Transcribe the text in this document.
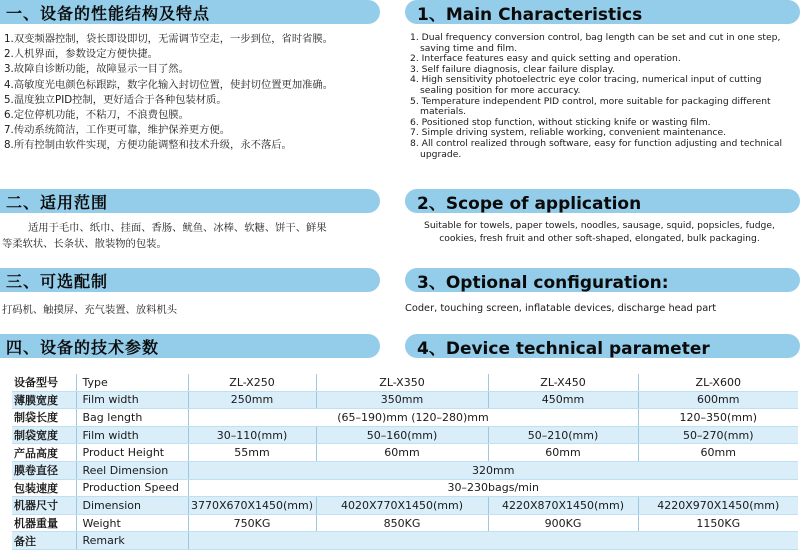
一、设备的性能结构及特点
1.双变频器控制，袋长即设即切，无需调节空走，一步到位，省时省膜。
2.人机界面，参数设定方便快捷。
3.故障自诊断功能，故障显示一目了然。
4.高敏度光电颜色标跟踪，数字化输入封切位置，使封切位置更加准确。
5.温度独立PID控制，更好适合于各种包装材质。
6.定位停机功能，不粘刀，不浪费包膜。
7.传动系统简洁，工作更可靠，维护保养更方便。
8.所有控制由软件实现，方便功能调整和技术升级，永不落后。
二、适用范围
适用于毛巾、纸巾、挂面、香肠、鱿鱼、冰棒、软糖、饼干、鲜果等柔软状、长条状、散装物的包装。
三、可选配制
打码机、触摸屏、充气装置、放料机头
四、设备的技术参数
1、Main Characteristics
1. Dual frequency conversion control, bag length can be set and cut in one step, saving time and film.
2. Interface features easy and quick setting and operation.
3. Self failure diagnosis, clear failure display.
4. High sensitivity photoelectric eye color tracing, numerical input of cutting sealing position for more accuracy.
5. Temperature independent PID control, more suitable for packaging different materials.
6. Positioned stop function, without sticking knife or wasting film.
7. Simple driving system, reliable working, convenient maintenance.
8. All control realized through software, easy for function adjusting and technical upgrade.
2、Scope of application
Suitable for towels, paper towels, noodles, sausage, squid, popsicles, fudge, cookies, fresh fruit and other soft-shaped, elongated, bulk packaging.
3、Optional configuration:
Coder, touching screen, inflatable devices, discharge head part
4、Device technical parameter
设备型号	Type	ZL-X250	ZL-X350	ZL-X450	ZL-X600
薄膜宽度	Film width	250mm	350mm	450mm	600mm
制袋长度	Bag length	(65–190)mm (120–280)mm			120–350(mm)
制袋宽度	Film width	30–110(mm)	50–160(mm)	50–210(mm)	50–270(mm)
产品高度	Product Height	55mm	60mm	60mm	60mm
膜卷直径	Reel Dimension	320mm			
包装速度	Production Speed	30–230bags/min			
机器尺寸	Dimension	3770X670X1450(mm)	4020X770X1450(mm)	4220X870X1450(mm)	4220X970X1450(mm)
机器重量	Weight	750KG	850KG	900KG	1150KG
备注	Remark				
